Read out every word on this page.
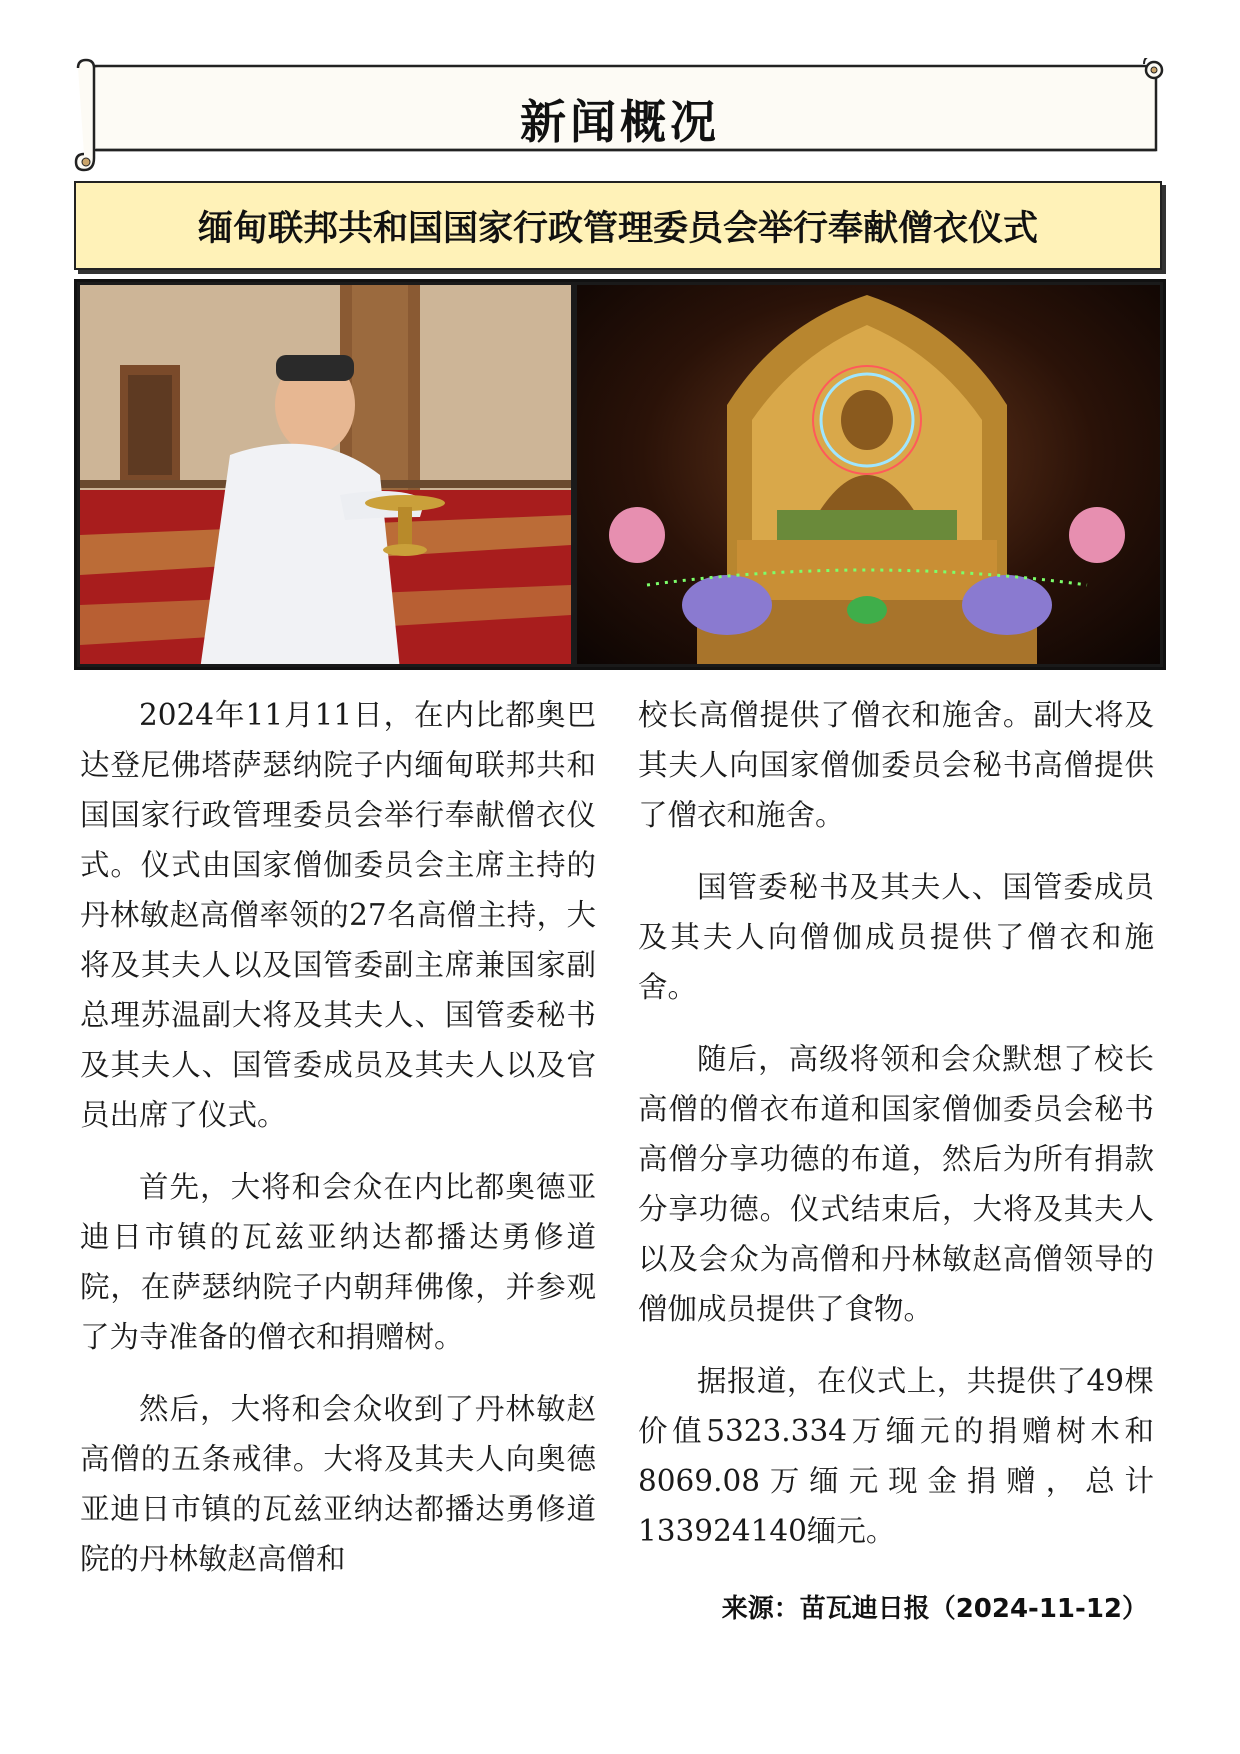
新闻概况
缅甸联邦共和国国家行政管理委员会举行奉献僧衣仪式

2024年11月11日，在内比都奥巴达登尼佛塔萨瑟纳院子内缅甸联邦共和国国家行政管理委员会举行奉献僧衣仪式。仪式由国家僧伽委员会主席主持的丹林敏赵高僧率领的27名高僧主持，大将及其夫人以及国管委副主席兼国家副总理苏温副大将及其夫人、国管委秘书及其夫人、国管委成员及其夫人以及官员出席了仪式。

首先，大将和会众在内比都奥德亚迪日市镇的瓦兹亚纳达都播达勇修道院，在萨瑟纳院子内朝拜佛像，并参观了为寺准备的僧衣和捐赠树。

然后，大将和会众收到了丹林敏赵高僧的五条戒律。大将及其夫人向奥德亚迪日市镇的瓦兹亚纳达都播达勇修道院的丹林敏赵高僧和

校长高僧提供了僧衣和施舍。副大将及其夫人向国家僧伽委员会秘书高僧提供了僧衣和施舍。

国管委秘书及其夫人、国管委成员及其夫人向僧伽成员提供了僧衣和施舍。

随后，高级将领和会众默想了校长高僧的僧衣布道和国家僧伽委员会秘书高僧分享功德的布道，然后为所有捐款分享功德。仪式结束后，大将及其夫人以及会众为高僧和丹林敏赵高僧领导的僧伽成员提供了食物。

据报道，在仪式上，共提供了49棵价值5323.334万缅元的捐赠树木和8069.08万缅元现金捐赠，总计133924140缅元。

来源：苗瓦迪日报（2024-11-12）
